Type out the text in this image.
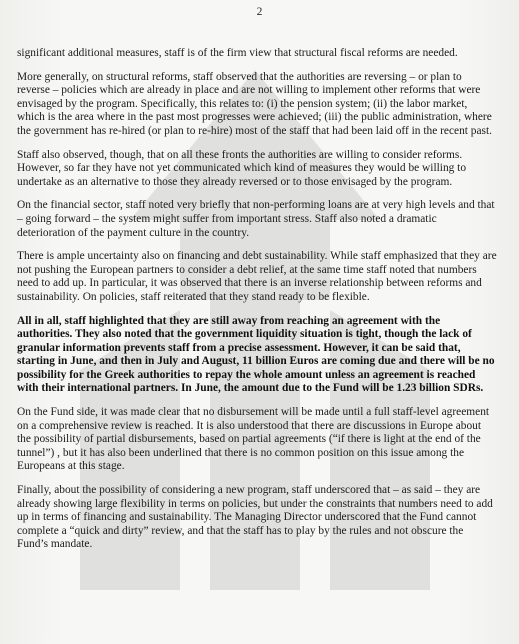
2

significant additional measures, staff is of the firm view that structural fiscal reforms are needed.

More generally, on structural reforms, staff observed that the authorities are reversing – or plan to reverse – policies which are already in place and are not willing to implement other reforms that were envisaged by the program. Specifically, this relates to: (i) the pension system; (ii) the labor market, which is the area where in the past most progresses were achieved; (iii) the public administration, where the government has re-hired (or plan to re-hire) most of the staff that had been laid off in the recent past.

Staff also observed, though, that on all these fronts the authorities are willing to consider reforms. However, so far they have not yet communicated which kind of measures they would be willing to undertake as an alternative to those they already reversed or to those envisaged by the program.

On the financial sector, staff noted very briefly that non-performing loans are at very high levels and that – going forward – the system might suffer from important stress. Staff also noted a dramatic deterioration of the payment culture in the country.

There is ample uncertainty also on financing and debt sustainability. While staff emphasized that they are not pushing the European partners to consider a debt relief, at the same time staff noted that numbers need to add up. In particular, it was observed that there is an inverse relationship between reforms and sustainability. On policies, staff reiterated that they stand ready to be flexible.

All in all, staff highlighted that they are still away from reaching an agreement with the authorities. They also noted that the government liquidity situation is tight, though the lack of granular information prevents staff from a precise assessment. However, it can be said that, starting in June, and then in July and August, 11 billion Euros are coming due and there will be no possibility for the Greek authorities to repay the whole amount unless an agreement is reached with their international partners. In June, the amount due to the Fund will be 1.23 billion SDRs.

On the Fund side, it was made clear that no disbursement will be made until a full staff-level agreement on a comprehensive review is reached. It is also understood that there are discussions in Europe about the possibility of partial disbursements, based on partial agreements (“if there is light at the end of the tunnel”) , but it has also been underlined that there is no common position on this issue among the Europeans at this stage.

Finally, about the possibility of considering a new program, staff underscored that – as said – they are already showing large flexibility in terms on policies, but under the constraints that numbers need to add up in terms of financing and sustainability. The Managing Director underscored that the Fund cannot complete a “quick and dirty” review, and that the staff has to play by the rules and not obscure the Fund’s mandate.
